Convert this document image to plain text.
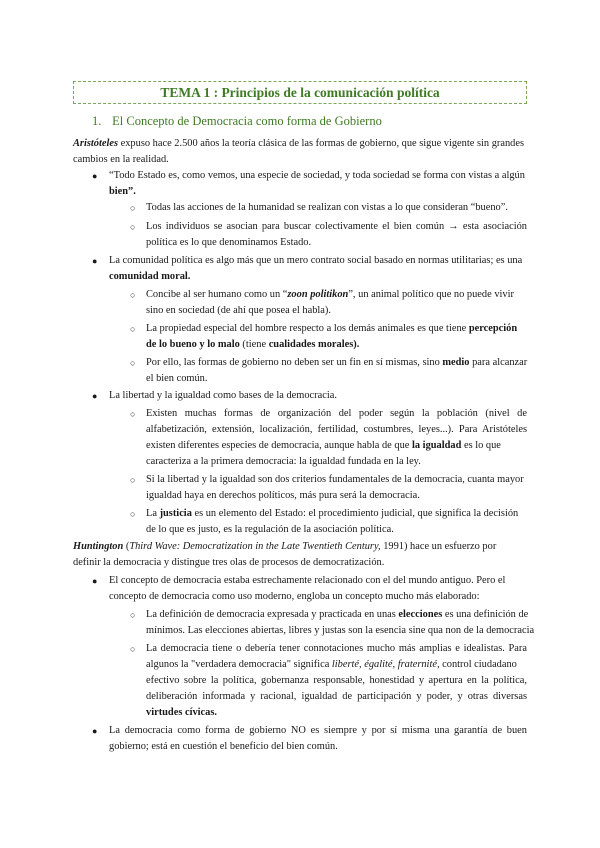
TEMA 1 : Principios de la comunicación política
1. El Concepto de Democracia como forma de Gobierno
Aristóteles expuso hace 2.500 años la teoría clásica de las formas de gobierno, que sigue vigente sin grandes
cambios en la realidad.
● “Todo Estado es, como vemos, una especie de sociedad, y toda sociedad se forma con vistas a algún
bien”.
○ Todas las acciones de la humanidad se realizan con vistas a lo que consideran “bueno”.
○ Los individuos se asocian para buscar colectivamente el bien común → esta asociación
política es lo que denominamos Estado.
● La comunidad política es algo más que un mero contrato social basado en normas utilitarias; es una
comunidad moral.
○ Concibe al ser humano como un “zoon politikon”, un animal político que no puede vivir
sino en sociedad (de ahí que posea el habla).
○ La propiedad especial del hombre respecto a los demás animales es que tiene percepción
de lo bueno y lo malo (tiene cualidades morales).
○ Por ello, las formas de gobierno no deben ser un fin en sí mismas, sino medio para alcanzar
el bien común.
● La libertad y la igualdad como bases de la democracia.
○ Existen muchas formas de organización del poder según la población (nivel de
alfabetización, extensión, localización, fertilidad, costumbres, leyes...). Para Aristóteles
existen diferentes especies de democracia, aunque habla de que la igualdad es lo que
caracteriza a la primera democracia: la igualdad fundada en la ley.
○ Si la libertad y la igualdad son dos criterios fundamentales de la democracia, cuanta mayor
igualdad haya en derechos políticos, más pura será la democracia.
○ La justicia es un elemento del Estado: el procedimiento judicial, que significa la decisión
de lo que es justo, es la regulación de la asociación política.
Huntington (Third Wave: Democratization in the Late Twentieth Century, 1991) hace un esfuerzo por
definir la democracia y distingue tres olas de procesos de democratización.
● El concepto de democracia estaba estrechamente relacionado con el del mundo antiguo. Pero el
concepto de democracia como uso moderno, engloba un concepto mucho más elaborado:
○ La definición de democracia expresada y practicada en unas elecciones es una definición de
mínimos. Las elecciones abiertas, libres y justas son la esencia sine qua non de la democracia
○ La democracia tiene o debería tener connotaciones mucho más amplias e idealistas. Para
algunos la "verdadera democracia" significa liberté, égalité, fraternité, control ciudadano
efectivo sobre la política, gobernanza responsable, honestidad y apertura en la política,
deliberación informada y racional, igualdad de participación y poder, y otras diversas
virtudes cívicas.
● La democracia como forma de gobierno NO es siempre y por sí misma una garantía de buen
gobierno; está en cuestión el beneficio del bien común.
